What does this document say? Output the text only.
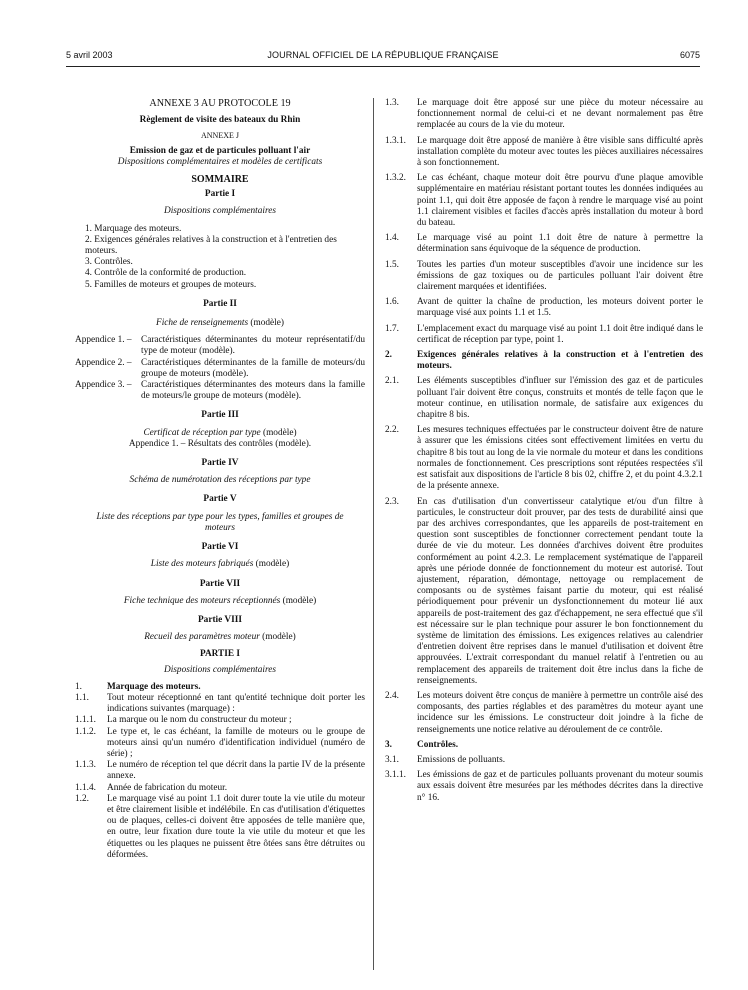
5 avril 2003	JOURNAL OFFICIEL DE LA RÉPUBLIQUE FRANÇAISE	6075

ANNEXE 3 AU PROTOCOLE 19

Règlement de visite des bateaux du Rhin

ANNEXE J

Emission de gaz et de particules polluant l'air

Dispositions complémentaires et modèles de certificats

SOMMAIRE

Partie I

Dispositions complémentaires

1. Marquage des moteurs.

2. Exigences générales relatives à la construction et à l'entretien des moteurs.

3. Contrôles.

4. Contrôle de la conformité de production.

5. Familles de moteurs et groupes de moteurs.

Partie II

Fiche de renseignements (modèle)

Appendice 1. –	Caractéristiques déterminantes du moteur représentatif/du type de moteur (modèle).
Appendice 2. –	Caractéristiques déterminantes de la famille de moteurs/du groupe de moteurs (modèle).
Appendice 3. –	Caractéristiques déterminantes des moteurs dans la famille de moteurs/le groupe de moteurs (modèle).

Partie III

Certificat de réception par type (modèle)

Appendice 1. – Résultats des contrôles (modèle).

Partie IV

Schéma de numérotation des réceptions par type

Partie V

Liste des réceptions par type pour les types, familles et groupes de moteurs

Partie VI

Liste des moteurs fabriqués (modèle)

Partie VII

Fiche technique des moteurs réceptionnés (modèle)

Partie VIII

Recueil des paramètres moteur (modèle)

PARTIE I

Dispositions complémentaires

1.	Marquage des moteurs.
1.1.	Tout moteur réceptionné en tant qu'entité technique doit porter les indications suivantes (marquage) :
1.1.1.	La marque ou le nom du constructeur du moteur ;
1.1.2.	Le type et, le cas échéant, la famille de moteurs ou le groupe de moteurs ainsi qu'un numéro d'identification individuel (numéro de série) ;
1.1.3.	Le numéro de réception tel que décrit dans la partie IV de la présente annexe.
1.1.4.	Année de fabrication du moteur.
1.2.	Le marquage visé au point 1.1 doit durer toute la vie utile du moteur et être clairement lisible et indélébile. En cas d'utilisation d'étiquettes ou de plaques, celles-ci doivent être apposées de telle manière que, en outre, leur fixation dure toute la vie utile du moteur et que les étiquettes ou les plaques ne puissent être ôtées sans être détruites ou déformées.
1.3.	Le marquage doit être apposé sur une pièce du moteur nécessaire au fonctionnement normal de celui-ci et ne devant normalement pas être remplacée au cours de la vie du moteur.
1.3.1.	Le marquage doit être apposé de manière à être visible sans difficulté après installation complète du moteur avec toutes les pièces auxiliaires nécessaires à son fonctionnement.
1.3.2.	Le cas échéant, chaque moteur doit être pourvu d'une plaque amovible supplémentaire en matériau résistant portant toutes les données indiquées au point 1.1, qui doit être apposée de façon à rendre le marquage visé au point 1.1 clairement visibles et faciles d'accès après installation du moteur à bord du bateau.
1.4.	Le marquage visé au point 1.1 doit être de nature à permettre la détermination sans équivoque de la séquence de production.
1.5.	Toutes les parties d'un moteur susceptibles d'avoir une incidence sur les émissions de gaz toxiques ou de particules polluant l'air doivent être clairement marquées et identifiées.
1.6.	Avant de quitter la chaîne de production, les moteurs doivent porter le marquage visé aux points 1.1 et 1.5.
1.7.	L'emplacement exact du marquage visé au point 1.1 doit être indiqué dans le certificat de réception par type, point 1.
2.	Exigences générales relatives à la construction et à l'entretien des moteurs.
2.1.	Les éléments susceptibles d'influer sur l'émission des gaz et de particules polluant l'air doivent être conçus, construits et montés de telle façon que le moteur continue, en utilisation normale, de satisfaire aux exigences du chapitre 8 bis.
2.2.	Les mesures techniques effectuées par le constructeur doivent être de nature à assurer que les émissions citées sont effectivement limitées en vertu du chapitre 8 bis tout au long de la vie normale du moteur et dans les conditions normales de fonctionnement. Ces prescriptions sont réputées respectées s'il est satisfait aux dispositions de l'article 8 bis 02, chiffre 2, et du point 4.3.2.1 de la présente annexe.
2.3.	En cas d'utilisation d'un convertisseur catalytique et/ou d'un filtre à particules, le constructeur doit prouver, par des tests de durabilité ainsi que par des archives correspondantes, que les appareils de post-traitement en question sont susceptibles de fonctionner correctement pendant toute la durée de vie du moteur. Les données d'archives doivent être produites conformément au point 4.2.3. Le remplacement systématique de l'appareil après une période donnée de fonctionnement du moteur est autorisé. Tout ajustement, réparation, démontage, nettoyage ou remplacement de composants ou de systèmes faisant partie du moteur, qui est réalisé périodiquement pour prévenir un dysfonctionnement du moteur lié aux appareils de post-traitement des gaz d'échappement, ne sera effectué que s'il est nécessaire sur le plan technique pour assurer le bon fonctionnement du système de limitation des émissions. Les exigences relatives au calendrier d'entretien doivent être reprises dans le manuel d'utilisation et doivent être approuvées. L'extrait correspondant du manuel relatif à l'entretien ou au remplacement des appareils de traitement doit être inclus dans la fiche de renseignements.
2.4.	Les moteurs doivent être conçus de manière à permettre un contrôle aisé des composants, des parties réglables et des paramètres du moteur ayant une incidence sur les émissions. Le constructeur doit joindre à la fiche de renseignements une notice relative au déroulement de ce contrôle.
3.	Contrôles.
3.1.	Emissions de polluants.
3.1.1.	Les émissions de gaz et de particules polluants provenant du moteur soumis aux essais doivent être mesurées par les méthodes décrites dans la directive n° 16.
